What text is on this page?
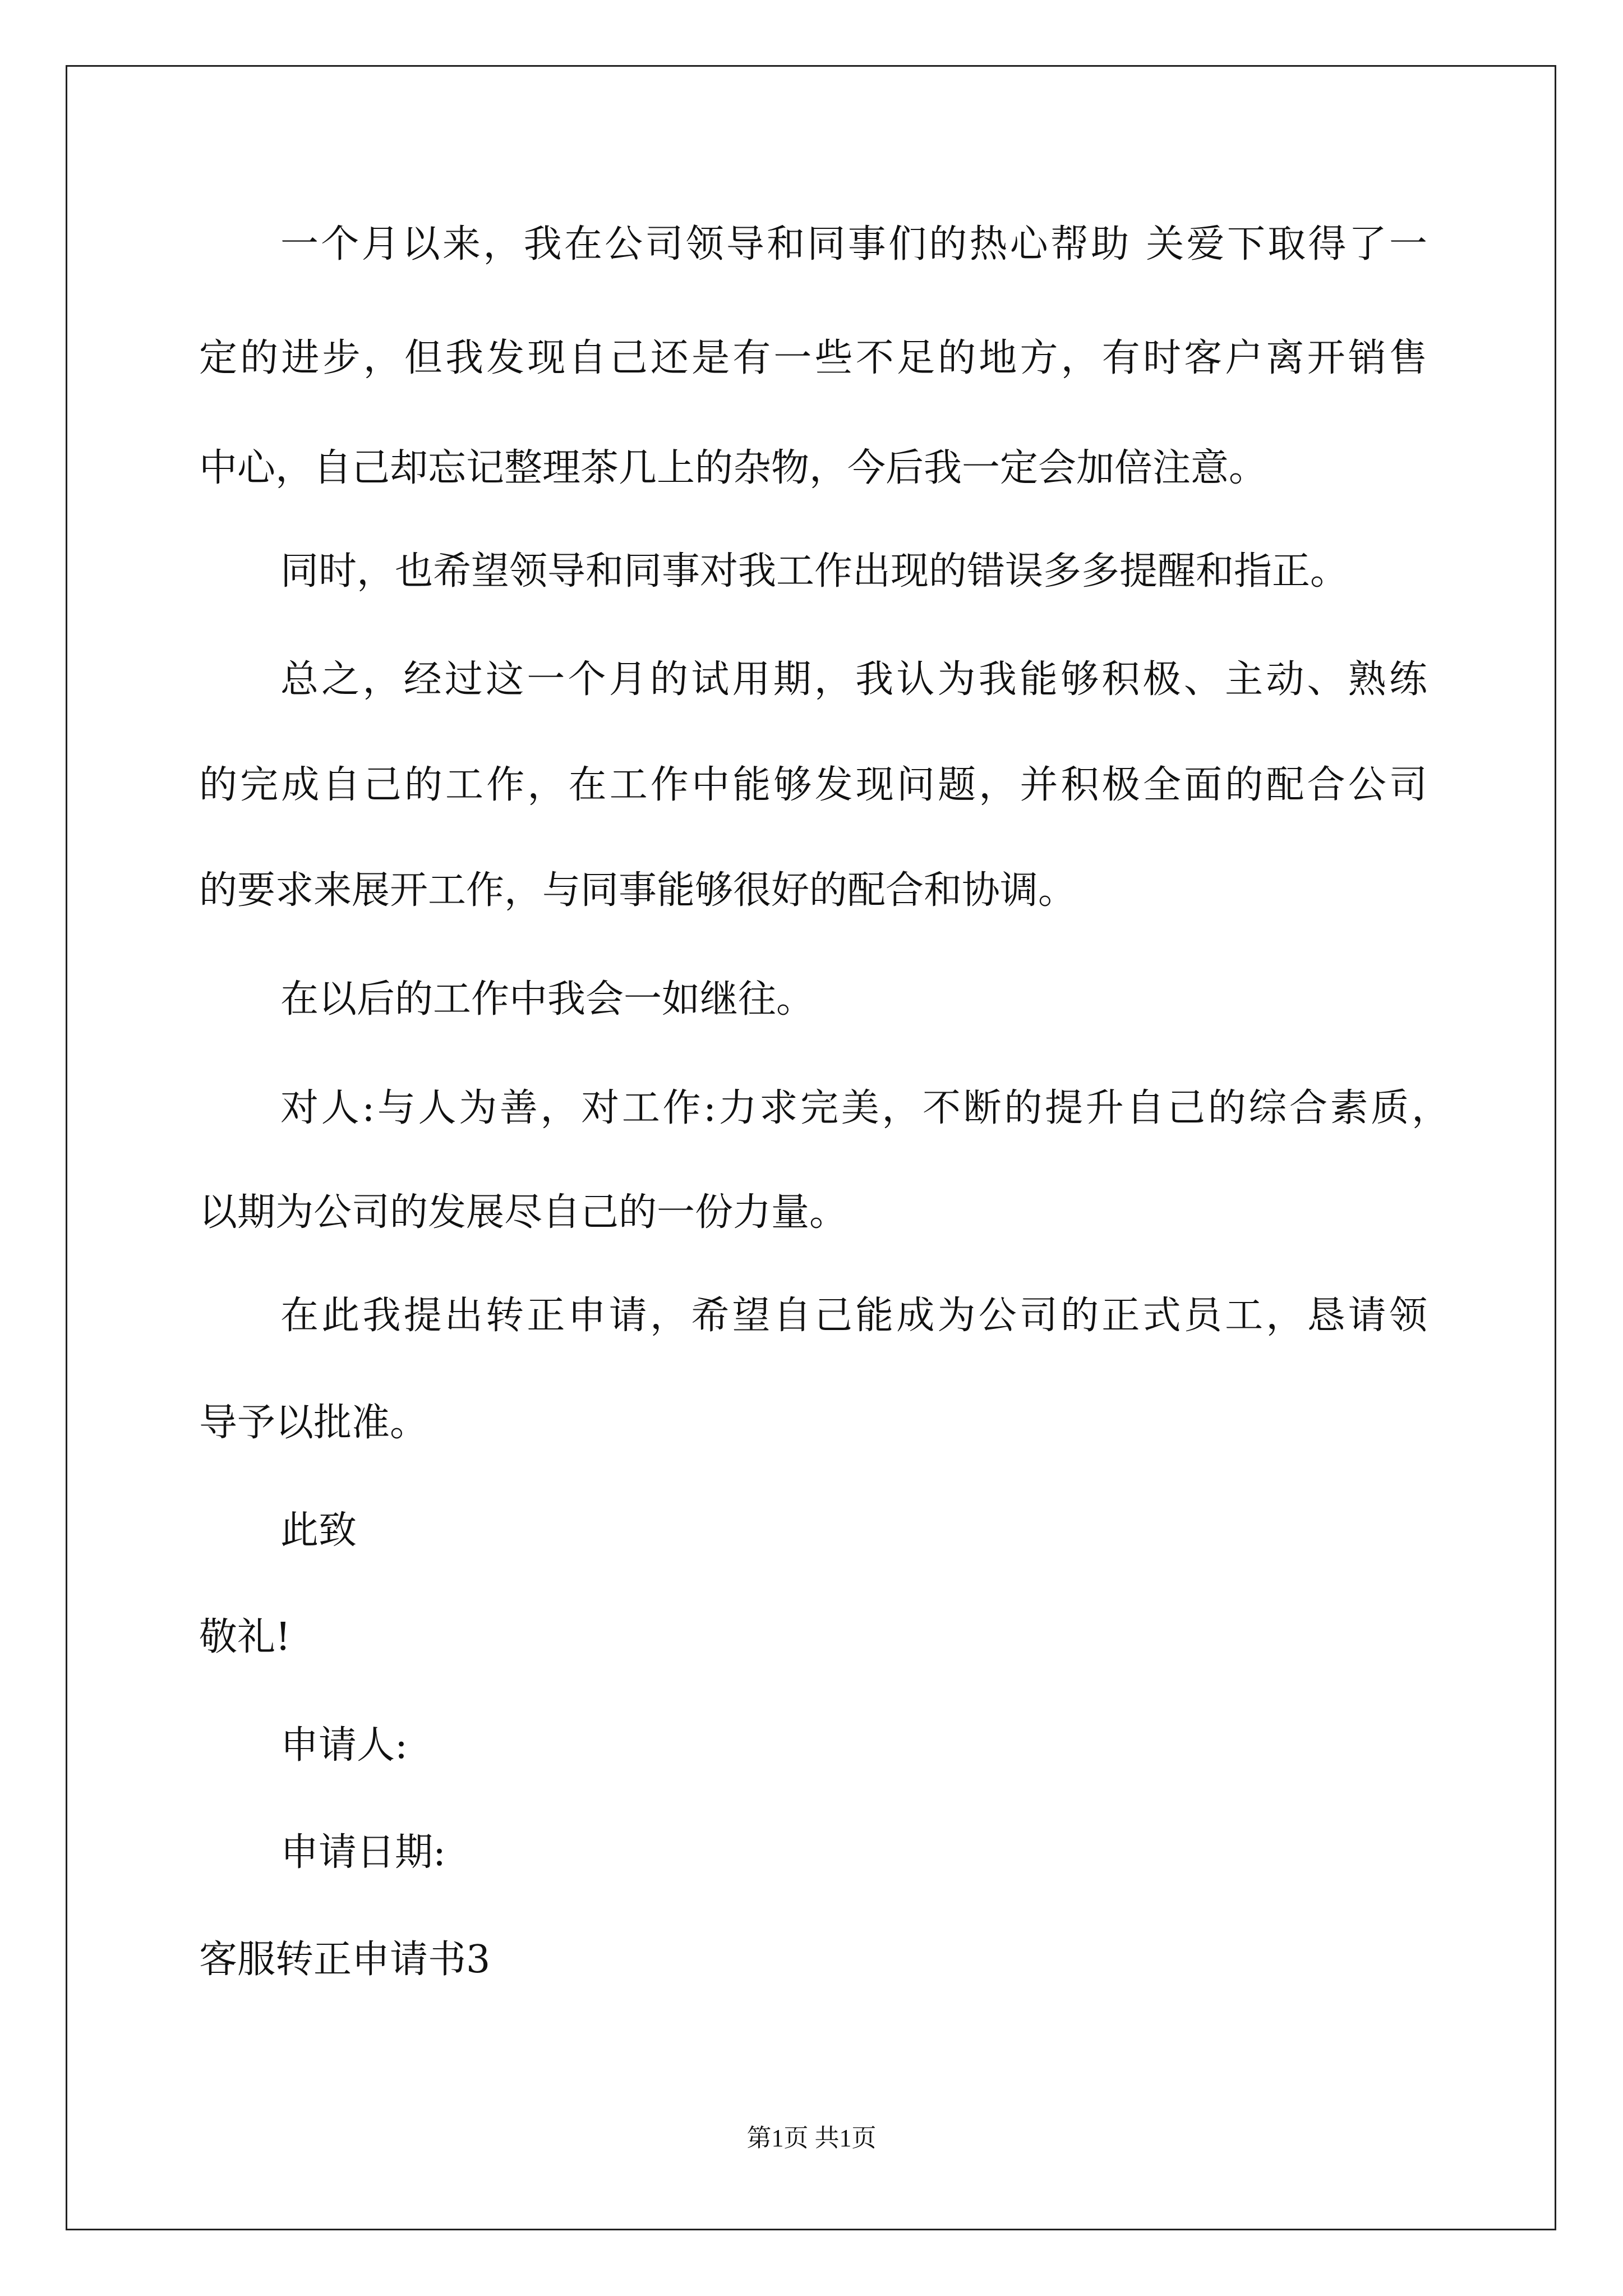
一个月以来，我在公司领导和同事们的热心帮助 关爱下取得了一
定的进步，但我发现自己还是有一些不足的地方，有时客户离开销售
中心，自己却忘记整理茶几上的杂物，今后我一定会加倍注意。
同时，也希望领导和同事对我工作出现的错误多多提醒和指正。
总之，经过这一个月的试用期，我认为我能够积极、主动、熟练
的完成自己的工作，在工作中能够发现问题，并积极全面的配合公司
的要求来展开工作，与同事能够很好的配合和协调。
在以后的工作中我会一如继往。
对人:与人为善，对工作:力求完美，不断的提升自己的综合素质，
以期为公司的发展尽自己的一份力量。
在此我提出转正申请，希望自己能成为公司的正式员工，恳请领
导予以批准。
此致
敬礼!
申请人:
申请日期:
客服转正申请书3
第1页 共1页
